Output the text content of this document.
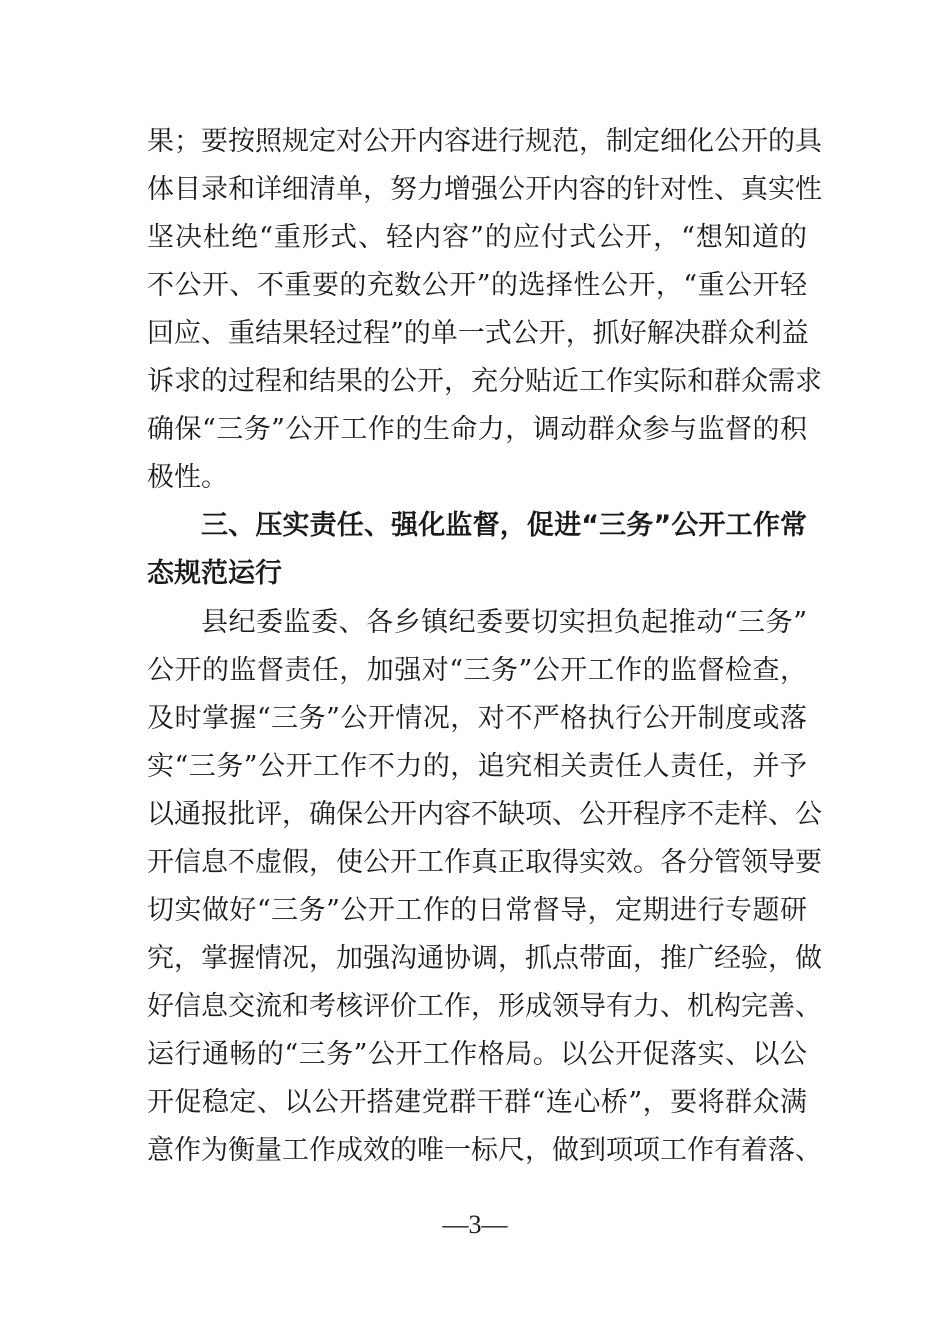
果；要按照规定对公开内容进行规范，制定细化公开的具
体目录和详细清单，努力增强公开内容的针对性、真实性
坚决杜绝“重形式、轻内容”的应付式公开，“想知道的
不公开、不重要的充数公开”的选择性公开，“重公开轻
回应、重结果轻过程”的单一式公开，抓好解决群众利益
诉求的过程和结果的公开，充分贴近工作实际和群众需求
确保“三务”公开工作的生命力，调动群众参与监督的积
极性。
三、压实责任、强化监督，促进“三务”公开工作常
态规范运行
县纪委监委、各乡镇纪委要切实担负起推动“三务”
公开的监督责任，加强对“三务”公开工作的监督检查，
及时掌握“三务”公开情况，对不严格执行公开制度或落
实“三务”公开工作不力的，追究相关责任人责任，并予
以通报批评，确保公开内容不缺项、公开程序不走样、公
开信息不虚假，使公开工作真正取得实效。各分管领导要
切实做好“三务”公开工作的日常督导，定期进行专题研
究，掌握情况，加强沟通协调，抓点带面，推广经验，做
好信息交流和考核评价工作，形成领导有力、机构完善、
运行通畅的“三务”公开工作格局。以公开促落实、以公
开促稳定、以公开搭建党群干群“连心桥”，要将群众满
意作为衡量工作成效的唯一标尺，做到项项工作有着落、
—3—
